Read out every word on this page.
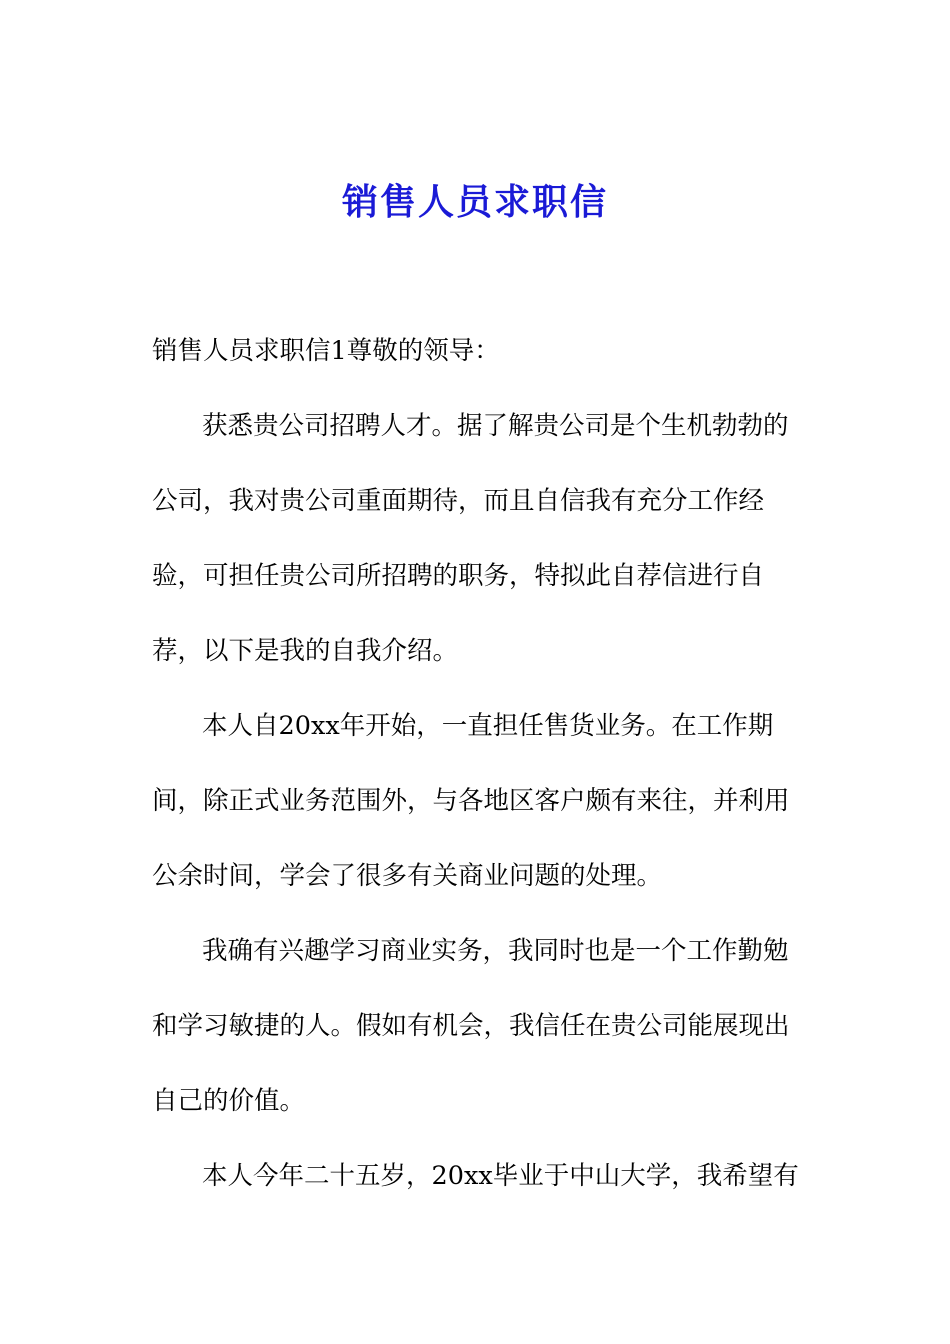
销售人员求职信
销售人员求职信1尊敬的领导：
获悉贵公司招聘人才。据了解贵公司是个生机勃勃的
公司，我对贵公司重面期待，而且自信我有充分工作经
验，可担任贵公司所招聘的职务，特拟此自荐信进行自
荐，以下是我的自我介绍。
本人自20xx年开始，一直担任售货业务。在工作期
间，除正式业务范围外，与各地区客户颇有来往，并利用
公余时间，学会了很多有关商业问题的处理。
我确有兴趣学习商业实务，我同时也是一个工作勤勉
和学习敏捷的人。假如有机会，我信任在贵公司能展现出
自己的价值。
本人今年二十五岁，20xx毕业于中山大学，我希望有
